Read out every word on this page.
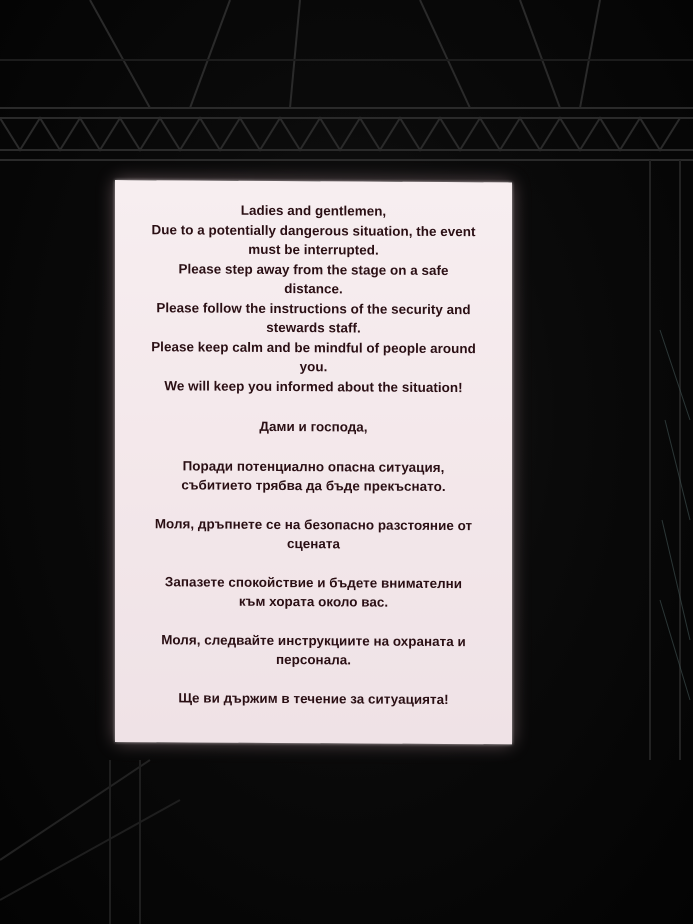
Ladies and gentlemen,
Due to a potentially dangerous situation, the event
must be interrupted.
Please step away from the stage on a safe
distance.
Please follow the instructions of the security and
stewards staff.
Please keep calm and be mindful of people around
you.
We will keep you informed about the situation!
Дами и господа,
Поради потенциално опасна ситуация,
събитието трябва да бъде прекъснато.
Моля, дръпнете се на безопасно разстояние от
сцената
Запазете спокойствие и бъдете внимателни
към хората около вас.
Моля, следвайте инструкциите на охраната и
персонала.
Ще ви държим в течение за ситуацията!
